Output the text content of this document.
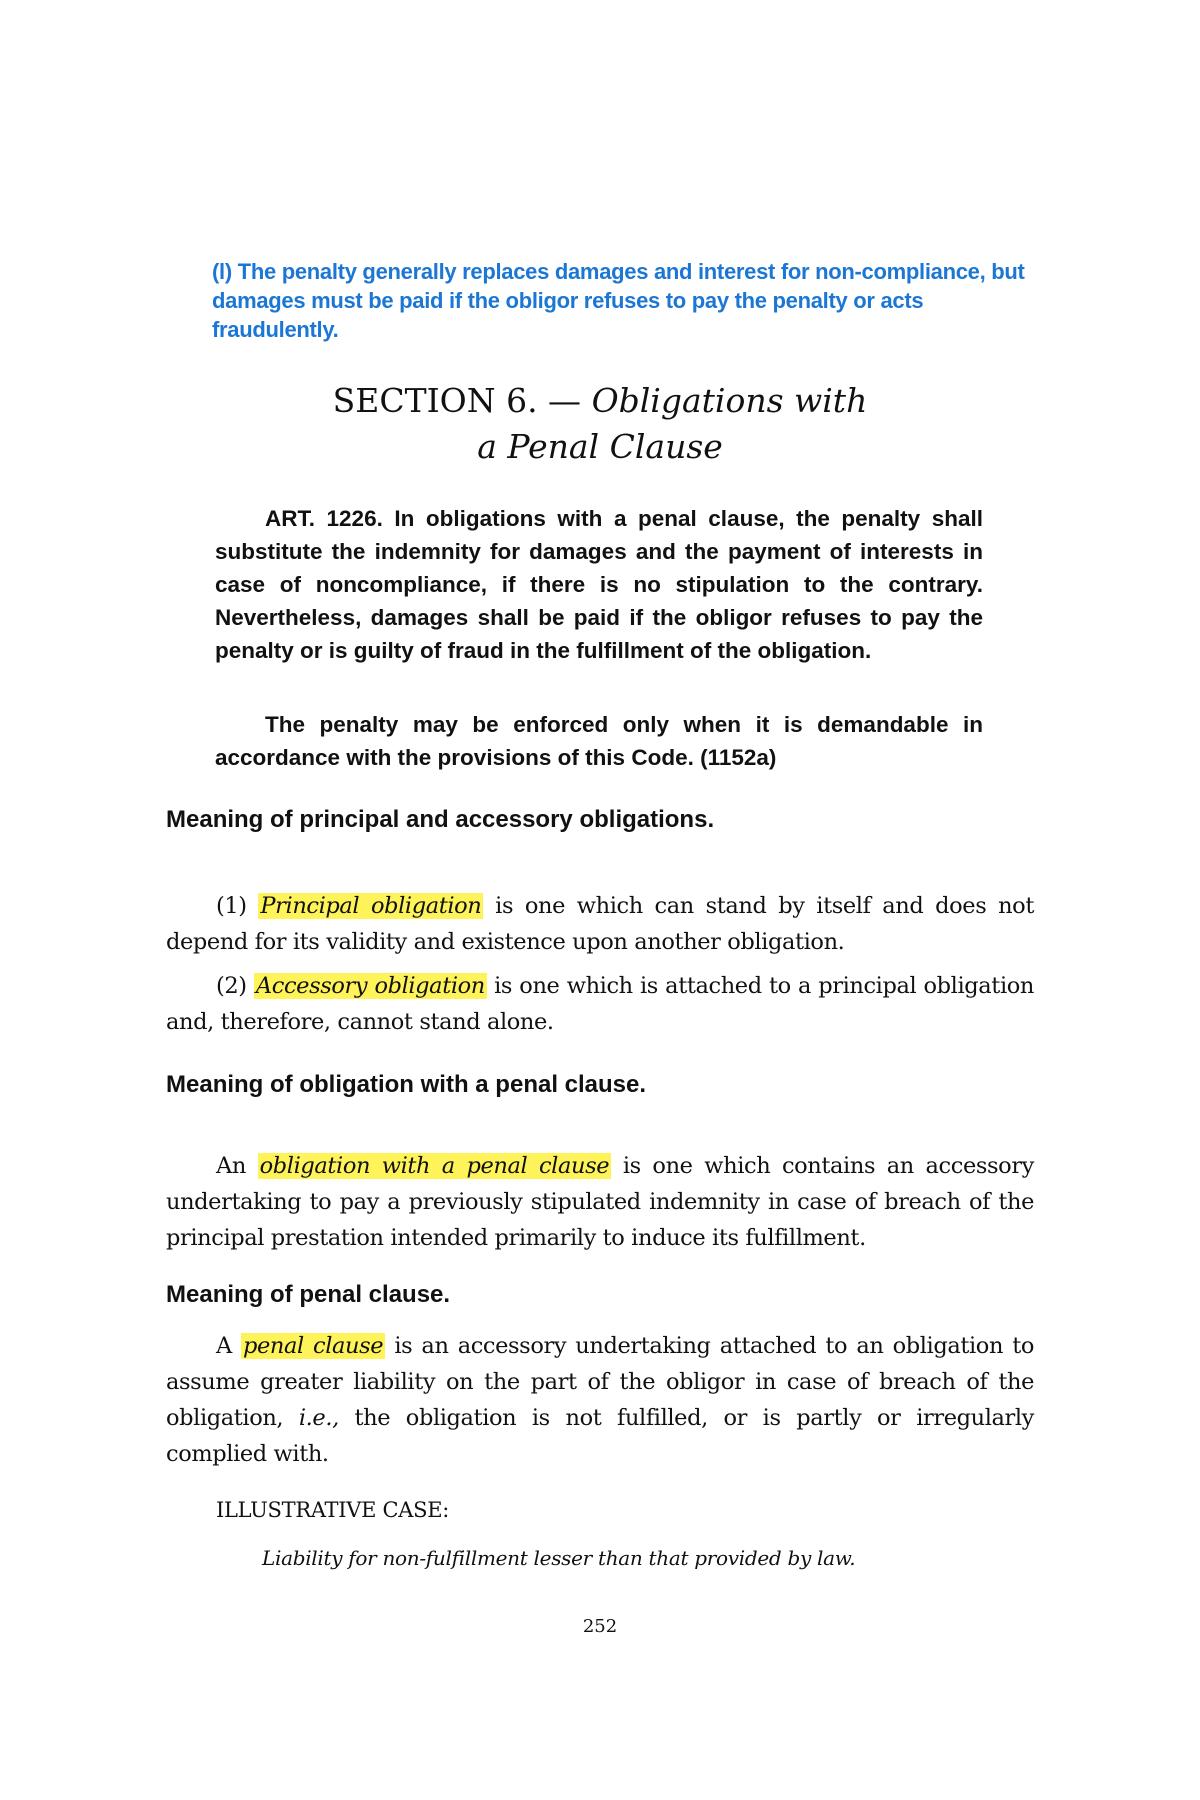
(l) The penalty generally replaces damages and interest for non-compliance, but damages must be paid if the obligor refuses to pay the penalty or acts fraudulently.
SECTION 6. — Obligations with
a Penal Clause
ART. 1226. In obligations with a penal clause, the penalty shall substitute the indemnity for damages and the payment of interests in case of noncompliance, if there is no stipulation to the contrary. Nevertheless, damages shall be paid if the obligor refuses to pay the penalty or is guilty of fraud in the fulfillment of the obligation.
The penalty may be enforced only when it is demandable in accordance with the provisions of this Code. (1152a)
Meaning of principal and accessory obligations.
(1) Principal obligation is one which can stand by itself and does not depend for its validity and existence upon another obligation.
(2) Accessory obligation is one which is attached to a principal obligation and, therefore, cannot stand alone.
Meaning of obligation with a penal clause.
An obligation with a penal clause is one which contains an accessory undertaking to pay a previously stipulated indemnity in case of breach of the principal prestation intended primarily to induce its fulfillment.
Meaning of penal clause.
A penal clause is an accessory undertaking attached to an obligation to assume greater liability on the part of the obligor in case of breach of the obligation, i.e., the obligation is not fulfilled, or is partly or irregularly complied with.
ILLUSTRATIVE CASE:
Liability for non-fulfillment lesser than that provided by law.
252
